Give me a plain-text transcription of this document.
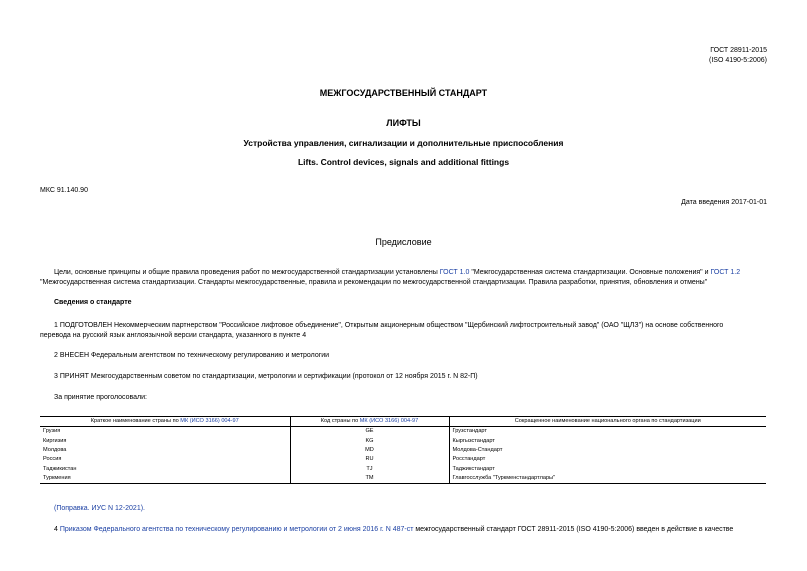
ГОСТ 28911-2015
(ISO 4190-5:2006)
МЕЖГОСУДАРСТВЕННЫЙ СТАНДАРТ
ЛИФТЫ
Устройства управления, сигнализации и дополнительные приспособления
Lifts. Control devices, signals and additional fittings
МКС 91.140.90
Дата введения 2017-01-01
Предисловие
Цели, основные принципы и общие правила проведения работ по межгосударственной стандартизации установлены ГОСТ 1.0 "Межгосударственная система стандартизации. Основные положения" и ГОСТ 1.2
"Межгосударственная система стандартизации. Стандарты межгосударственные, правила и рекомендации по межгосударственной стандартизации. Правила разработки, принятия, обновления и отмены"
Сведения о стандарте
1 ПОДГОТОВЛЕН Некоммерческим партнерством "Российское лифтовое объединение", Открытым акционерным обществом "Щербинский лифтостроительный завод" (ОАО "ЩЛЗ") на основе собственного
перевода на русский язык англоязычной версии стандарта, указанного в пункте 4
2 ВНЕСЕН Федеральным агентством по техническому регулированию и метрологии
3 ПРИНЯТ Межгосударственным советом по стандартизации, метрологии и сертификации (протокол от 12 ноября 2015 г. N 82-П)
За принятие проголосовали:
Краткое наименование страны по МК (ИСО 3166) 004-97	Код страны по МК (ИСО 3166) 004-97	Сокращенное наименование национального органа по стандартизации
Грузия	GE	Грузстандарт
Киргизия	KG	Кыргызстандарт
Молдова	MD	Молдова-Стандарт
Россия	RU	Росстандарт
Таджикистан	TJ	Таджикстандарт
Туркмения	TM	Главгосслужба "Туркменстандартлары"
(Поправка. ИУС N 12-2021).
4 Приказом Федерального агентства по техническому регулированию и метрологии от 2 июня 2016 г. N 487-ст межгосударственный стандарт ГОСТ 28911-2015 (ISO 4190-5:2006) введен в действие в качестве
